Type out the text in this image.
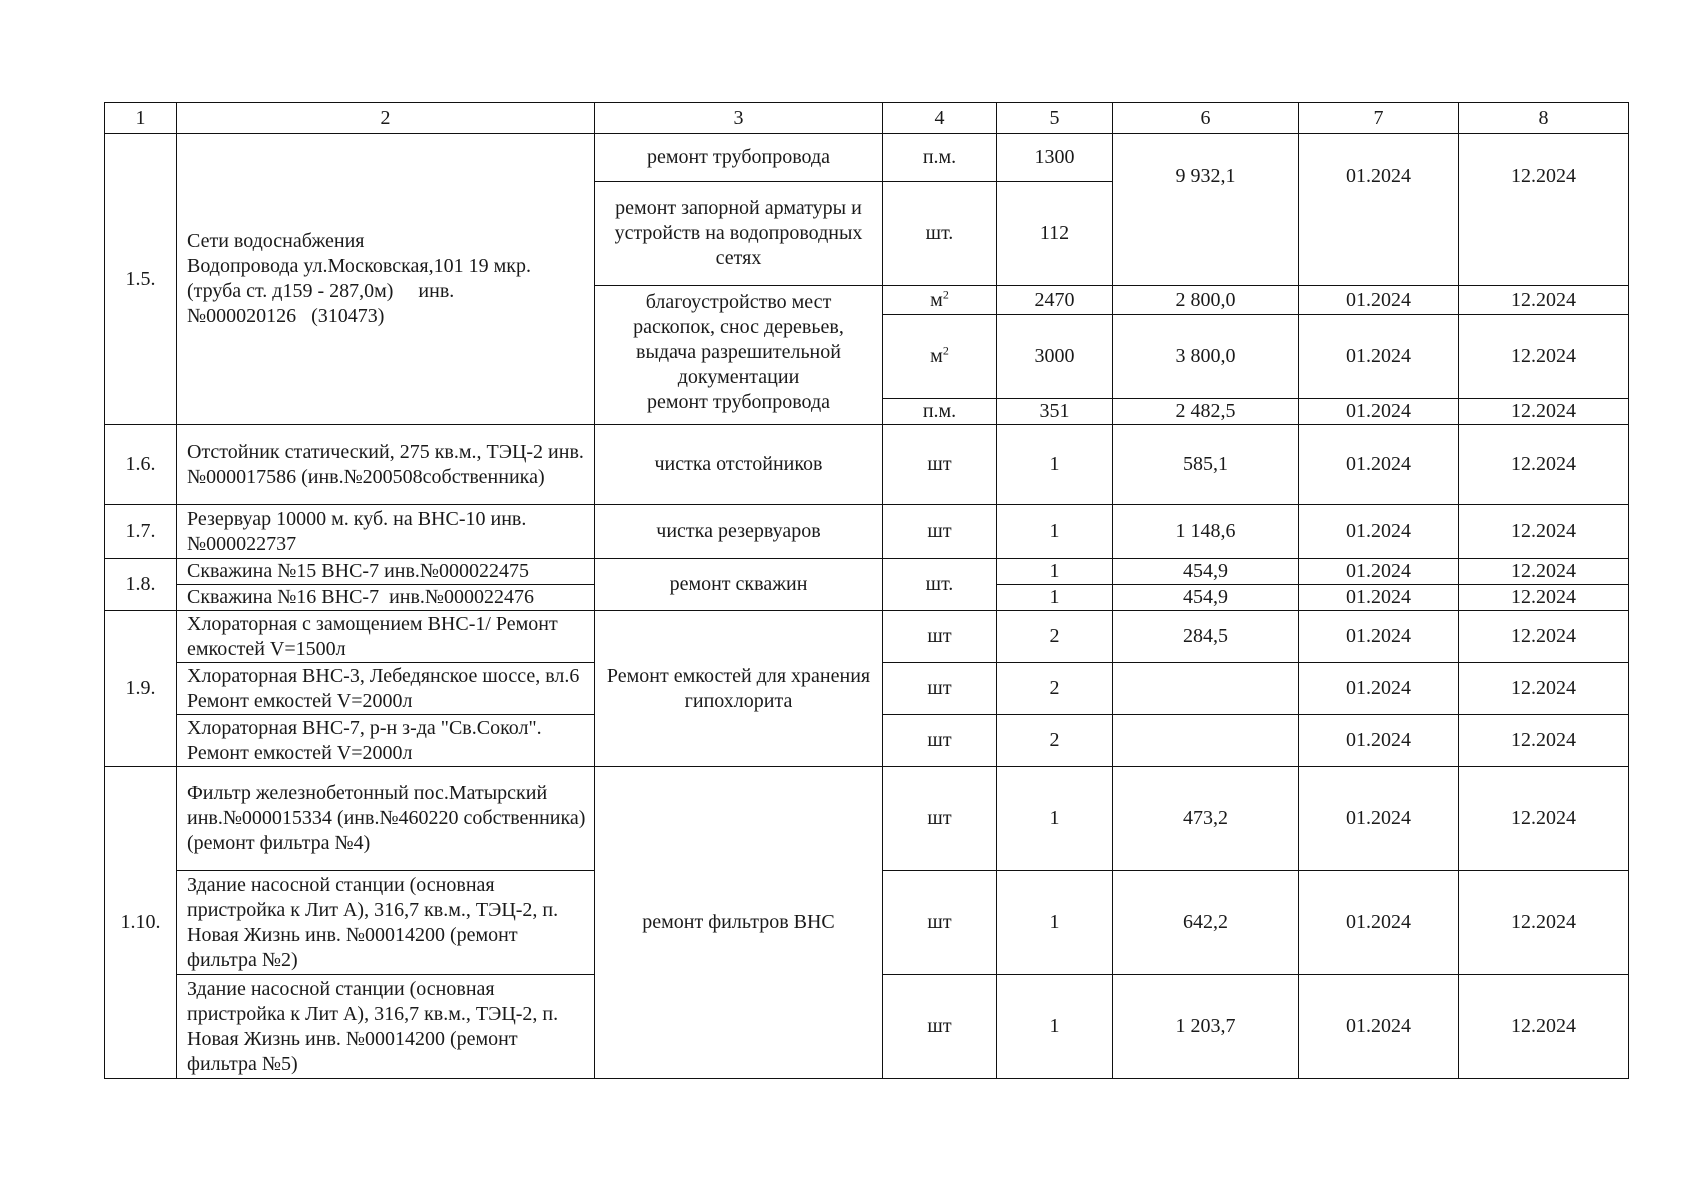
1	2	3	4	5	6	7	8
1.5.	Сети водоснабжения
Водопровода ул.Московская,101 19 мкр.
(труба ст. д159 - 287,0м)     инв.
№000020126   (310473)	ремонт трубопровода	п.м.	1300	9 932,1	01.2024	12.2024
		ремонт запорной арматуры и устройств на водопроводных сетях	шт.	112			

		благоустройство мест раскопок, снос деревьев, выдача разрешительной документации
ремонт трубопровода	$м^2$	2470	2 800,0	01.2024	12.2024
			$м^2$	3000	3 800,0	01.2024	12.2024
			п.м.	351	2 482,5	01.2024	12.2024
1.6.	Отстойник статический, 275 кв.м., ТЭЦ-2 инв.№000017586 (инв.№200508собственника)	чистка отстойников	шт	1	585,1	01.2024	12.2024
1.7.	Резервуар 10000 м. куб. на ВНС-10 инв.№000022737	чистка резервуаров	шт	1	1 148,6	01.2024	12.2024
1.8.	Скважина №15 ВНС-7 инв.№000022475	ремонт скважин	шт.	1	454,9	01.2024	12.2024
	Скважина №16 ВНС-7  инв.№000022476			1	454,9	01.2024	12.2024
1.9.	Хлораторная с замощением ВНС-1/ Ремонт емкостей V=1500л	Ремонт емкостей для хранения гипохлорита	шт	2	284,5	01.2024	12.2024
	Хлораторная ВНС-3, Лебедянское шоссе, вл.6 Ремонт емкостей V=2000л		шт	2		01.2024	12.2024
	Хлораторная ВНС-7, р-н з-да "Св.Сокол". Ремонт емкостей V=2000л		шт	2		01.2024	12.2024
1.10.	Фильтр железнобетонный пос.Матырский инв.№000015334 (инв.№460220 собственника)(ремонт фильтра №4)	ремонт фильтров ВНС	шт	1	473,2	01.2024	12.2024
	Здание насосной станции (основная пристройка к Лит А), 316,7 кв.м., ТЭЦ-2, п. Новая Жизнь инв. №00014200 (ремонт фильтра №2)		шт	1	642,2	01.2024	12.2024
	Здание насосной станции (основная пристройка к Лит А), 316,7 кв.м., ТЭЦ-2, п. Новая Жизнь инв. №00014200 (ремонт фильтра №5)		шт	1	1 203,7	01.2024	12.2024
